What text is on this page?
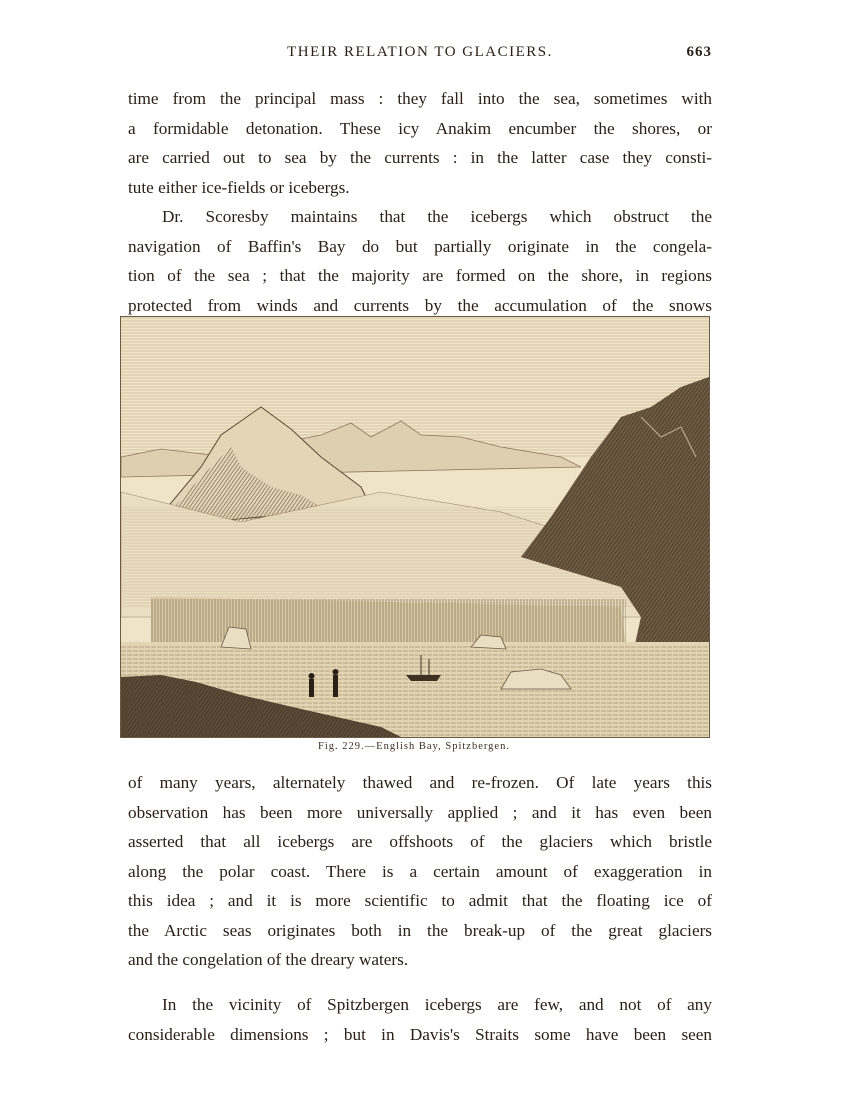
THEIR RELATION TO GLACIERS.	663
time from the principal mass : they fall into the sea, sometimes with
a formidable detonation. These icy Anakim encumber the shores, or
are carried out to sea by the currents : in the latter case they consti-
tute either ice-fields or icebergs.
Dr. Scoresby maintains that the icebergs which obstruct the
navigation of Baffin's Bay do but partially originate in the congela-
tion of the sea ; that the majority are formed on the shore, in regions
protected from winds and currents by the accumulation of the snows
Fig. 229.—English Bay, Spitzbergen.
of many years, alternately thawed and re-frozen. Of late years this
observation has been more universally applied ; and it has even been
asserted that all icebergs are offshoots of the glaciers which bristle
along the polar coast. There is a certain amount of exaggeration in
this idea ; and it is more scientific to admit that the floating ice of
the Arctic seas originates both in the break-up of the great glaciers
and the congelation of the dreary waters.
In the vicinity of Spitzbergen icebergs are few, and not of any
considerable dimensions ; but in Davis's Straits some have been seen
